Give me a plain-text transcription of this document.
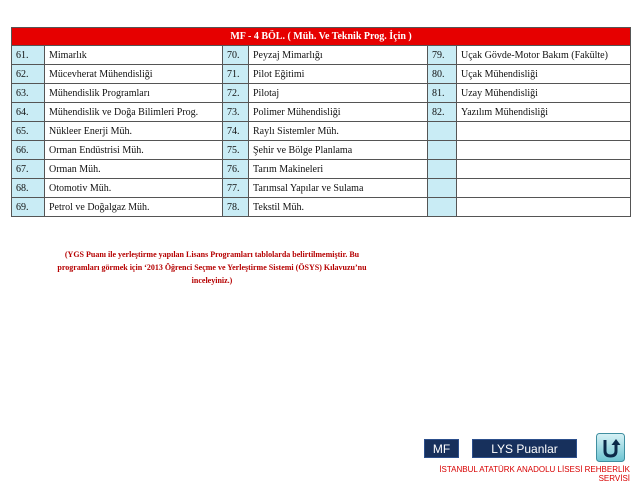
MF - 4 BÖL. ( Müh. Ve Teknik Prog. İçin )					
61.	Mimarlık	70.	Peyzaj Mimarlığı	79.	Uçak Gövde-Motor Bakım (Fakülte)
62.	Mücevherat Mühendisliği	71.	Pilot Eğitimi	80.	Uçak Mühendisliği
63.	Mühendislik Programları	72.	Pilotaj	81.	Uzay Mühendisliği
64.	Mühendislik ve Doğa Bilimleri Prog.	73.	Polimer Mühendisliği	82.	Yazılım Mühendisliği
65.	Nükleer Enerji Müh.	74.	Raylı Sistemler Müh.		
66.	Orman Endüstrisi Müh.	75.	Şehir ve Bölge Planlama		
67.	Orman Müh.	76.	Tarım Makineleri		
68.	Otomotiv Müh.	77.	Tarımsal Yapılar ve Sulama		
69.	Petrol ve Doğalgaz Müh.	78.	Tekstil Müh.		
(YGS Puanı ile yerleştirme yapılan Lisans Programları tablolarda belirtilmemiştir. Bu
programları görmek için ‘2013 Öğrenci Seçme ve Yerleştirme Sistemi (ÖSYS) Kılavuzu’nu
inceleyiniz.)
MF	LYS Puanlar
İSTANBUL ATATÜRK ANADOLU LİSESİ REHBERLİK SERVİSİ
